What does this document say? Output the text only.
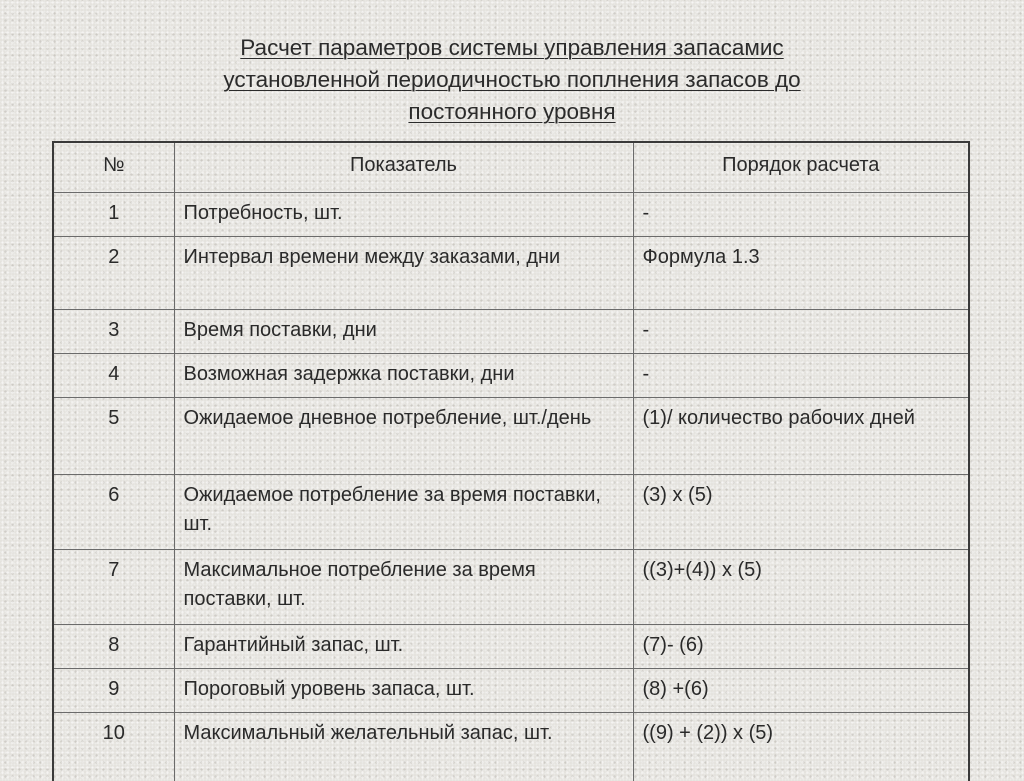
Расчет параметров системы управления запасамис
установленной периодичностью поплнения запасов до
постоянного уровня
№	Показатель	Порядок расчета
1	Потребность, шт.	-
2	Интервал времени между заказами, дни	Формула 1.3
3	Время поставки, дни	-
4	Возможная задержка поставки, дни	-
5	Ожидаемое дневное потребление, шт./день	(1)/ количество рабочих дней
6	Ожидаемое потребление за время поставки, шт.	(3) х (5)
7	Максимальное потребление за время поставки, шт.	((3)+(4)) х (5)
8	Гарантийный запас, шт.	(7)- (6)
9	Пороговый уровень запаса, шт.	(8) +(6)
10	Максимальный желательный запас, шт.	((9) + (2)) х (5)
